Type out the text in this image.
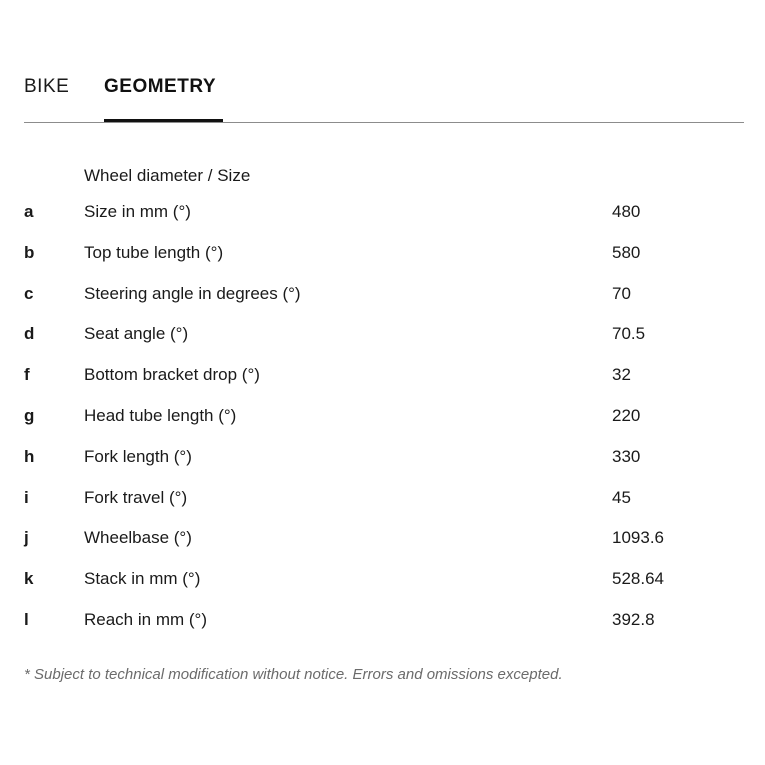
BIKE GEOMETRY
Wheel diameter / Size
a	Size in mm (°)	480
b	Top tube length (°)	580
c	Steering angle in degrees (°)	70
d	Seat angle (°)	70.5
f	Bottom bracket drop (°)	32
g	Head tube length (°)	220
h	Fork length (°)	330
i	Fork travel (°)	45
j	Wheelbase (°)	1093.6
k	Stack in mm (°)	528.64
l	Reach in mm (°)	392.8
* Subject to technical modification without notice. Errors and omissions excepted.
